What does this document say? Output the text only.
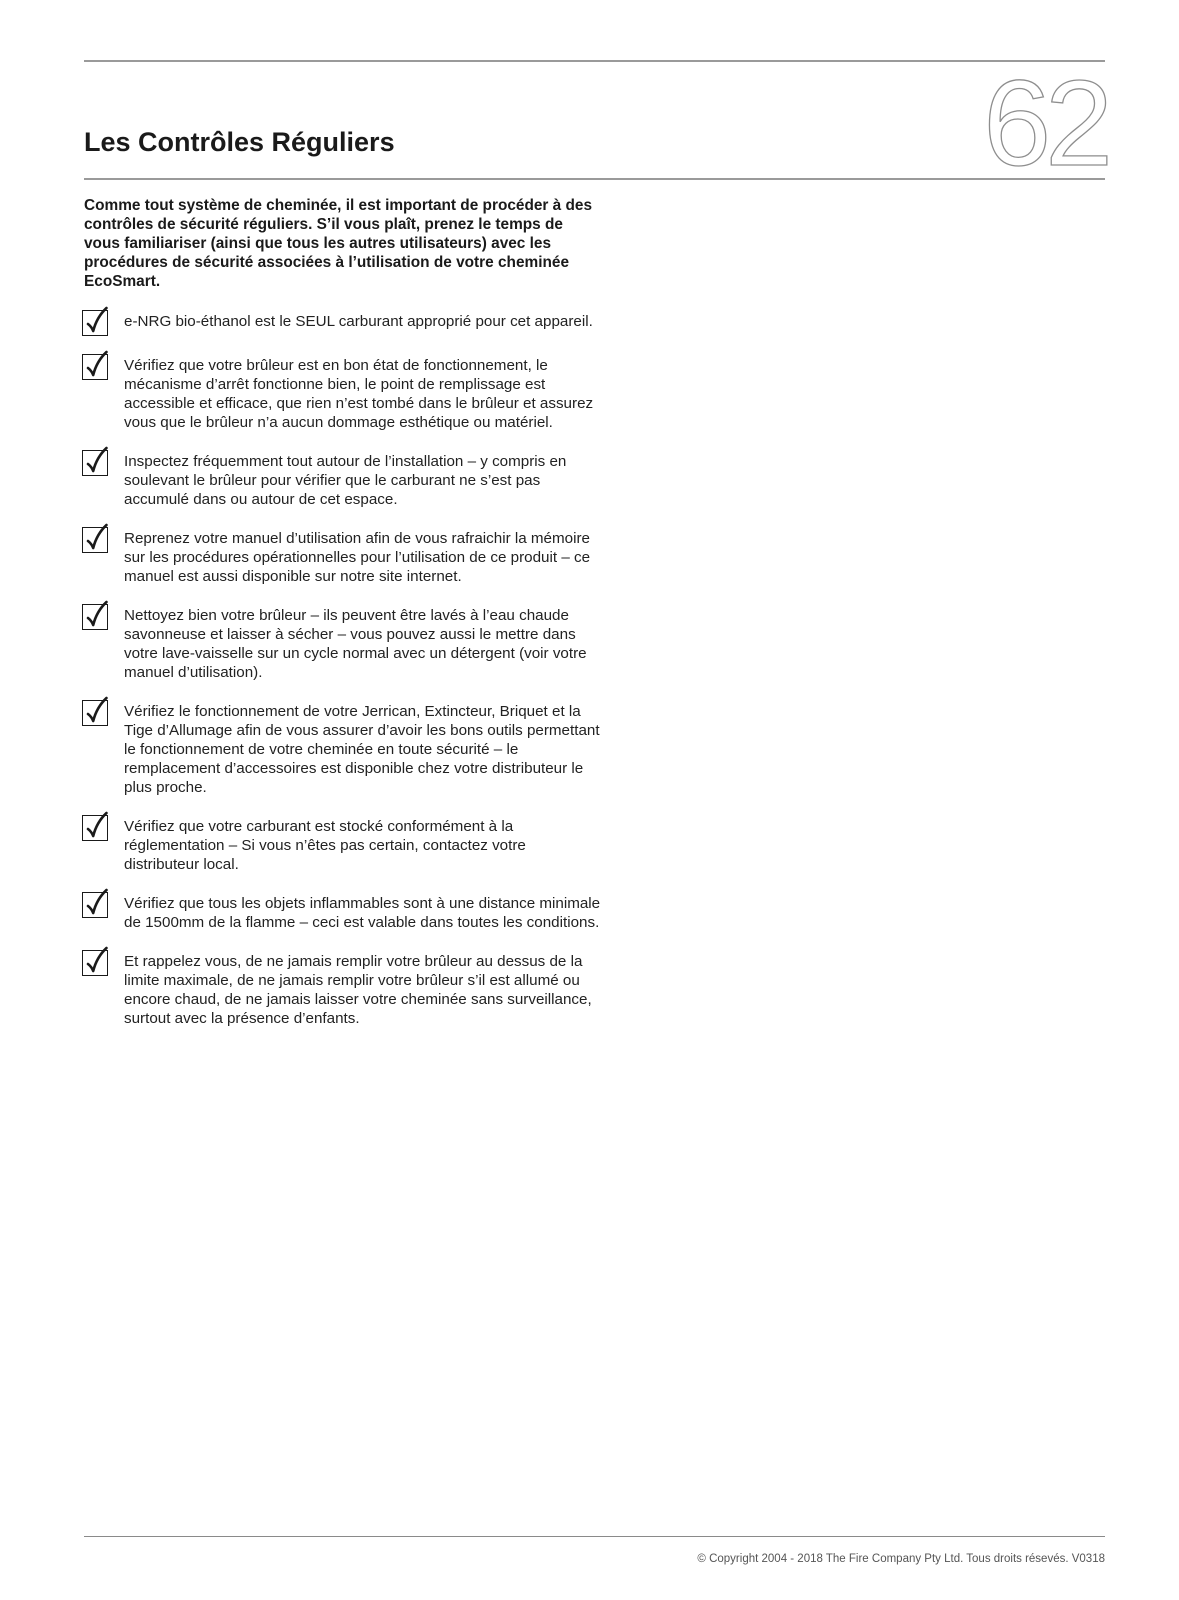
62
Les Contrôles Réguliers

Comme tout système de cheminée, il est important de procéder à des contrôles de sécurité réguliers. S’il vous plaît, prenez le temps de vous familiariser (ainsi que tous les autres utilisateurs) avec les procédures de sécurité associées à l’utilisation de votre cheminée EcoSmart.

e-NRG bio-éthanol est le SEUL carburant approprié pour cet appareil.
Vérifiez que votre brûleur est en bon état de fonctionnement, le mécanisme d’arrêt fonctionne bien, le point de remplissage est accessible et efficace, que rien n’est tombé dans le brûleur et assurez vous que le brûleur n’a aucun dommage esthétique ou matériel.
Inspectez fréquemment tout autour de l’installation – y compris en soulevant le brûleur pour vérifier que le carburant ne s’est pas accumulé dans ou autour de cet espace.
Reprenez votre manuel d’utilisation afin de vous rafraichir la mémoire sur les procédures opérationnelles pour l’utilisation de ce produit – ce manuel est aussi disponible sur notre site internet.
Nettoyez bien votre brûleur – ils peuvent être lavés à l’eau chaude savonneuse et laisser à sécher – vous pouvez aussi le mettre dans votre lave-vaisselle sur un cycle normal avec un détergent (voir votre manuel d’utilisation).
Vérifiez le fonctionnement de votre Jerrican, Extincteur, Briquet et la Tige d’Allumage afin de vous assurer d’avoir les bons outils permettant le fonctionnement de votre cheminée en toute sécurité – le remplacement d’accessoires est disponible chez votre distributeur le plus proche.
Vérifiez que votre carburant est stocké conformément à la réglementation – Si vous n’êtes pas certain, contactez votre distributeur local.
Vérifiez que tous les objets inflammables sont à une distance minimale de 1500mm de la flamme – ceci est valable dans toutes les conditions.
Et rappelez vous, de ne jamais remplir votre brûleur au dessus de la limite maximale, de ne jamais remplir votre brûleur s’il est allumé ou encore chaud, de ne jamais laisser votre cheminée sans surveillance, surtout avec la présence d’enfants.
© Copyright 2004 - 2018 The Fire Company Pty Ltd. Tous droits résevés. V0318
